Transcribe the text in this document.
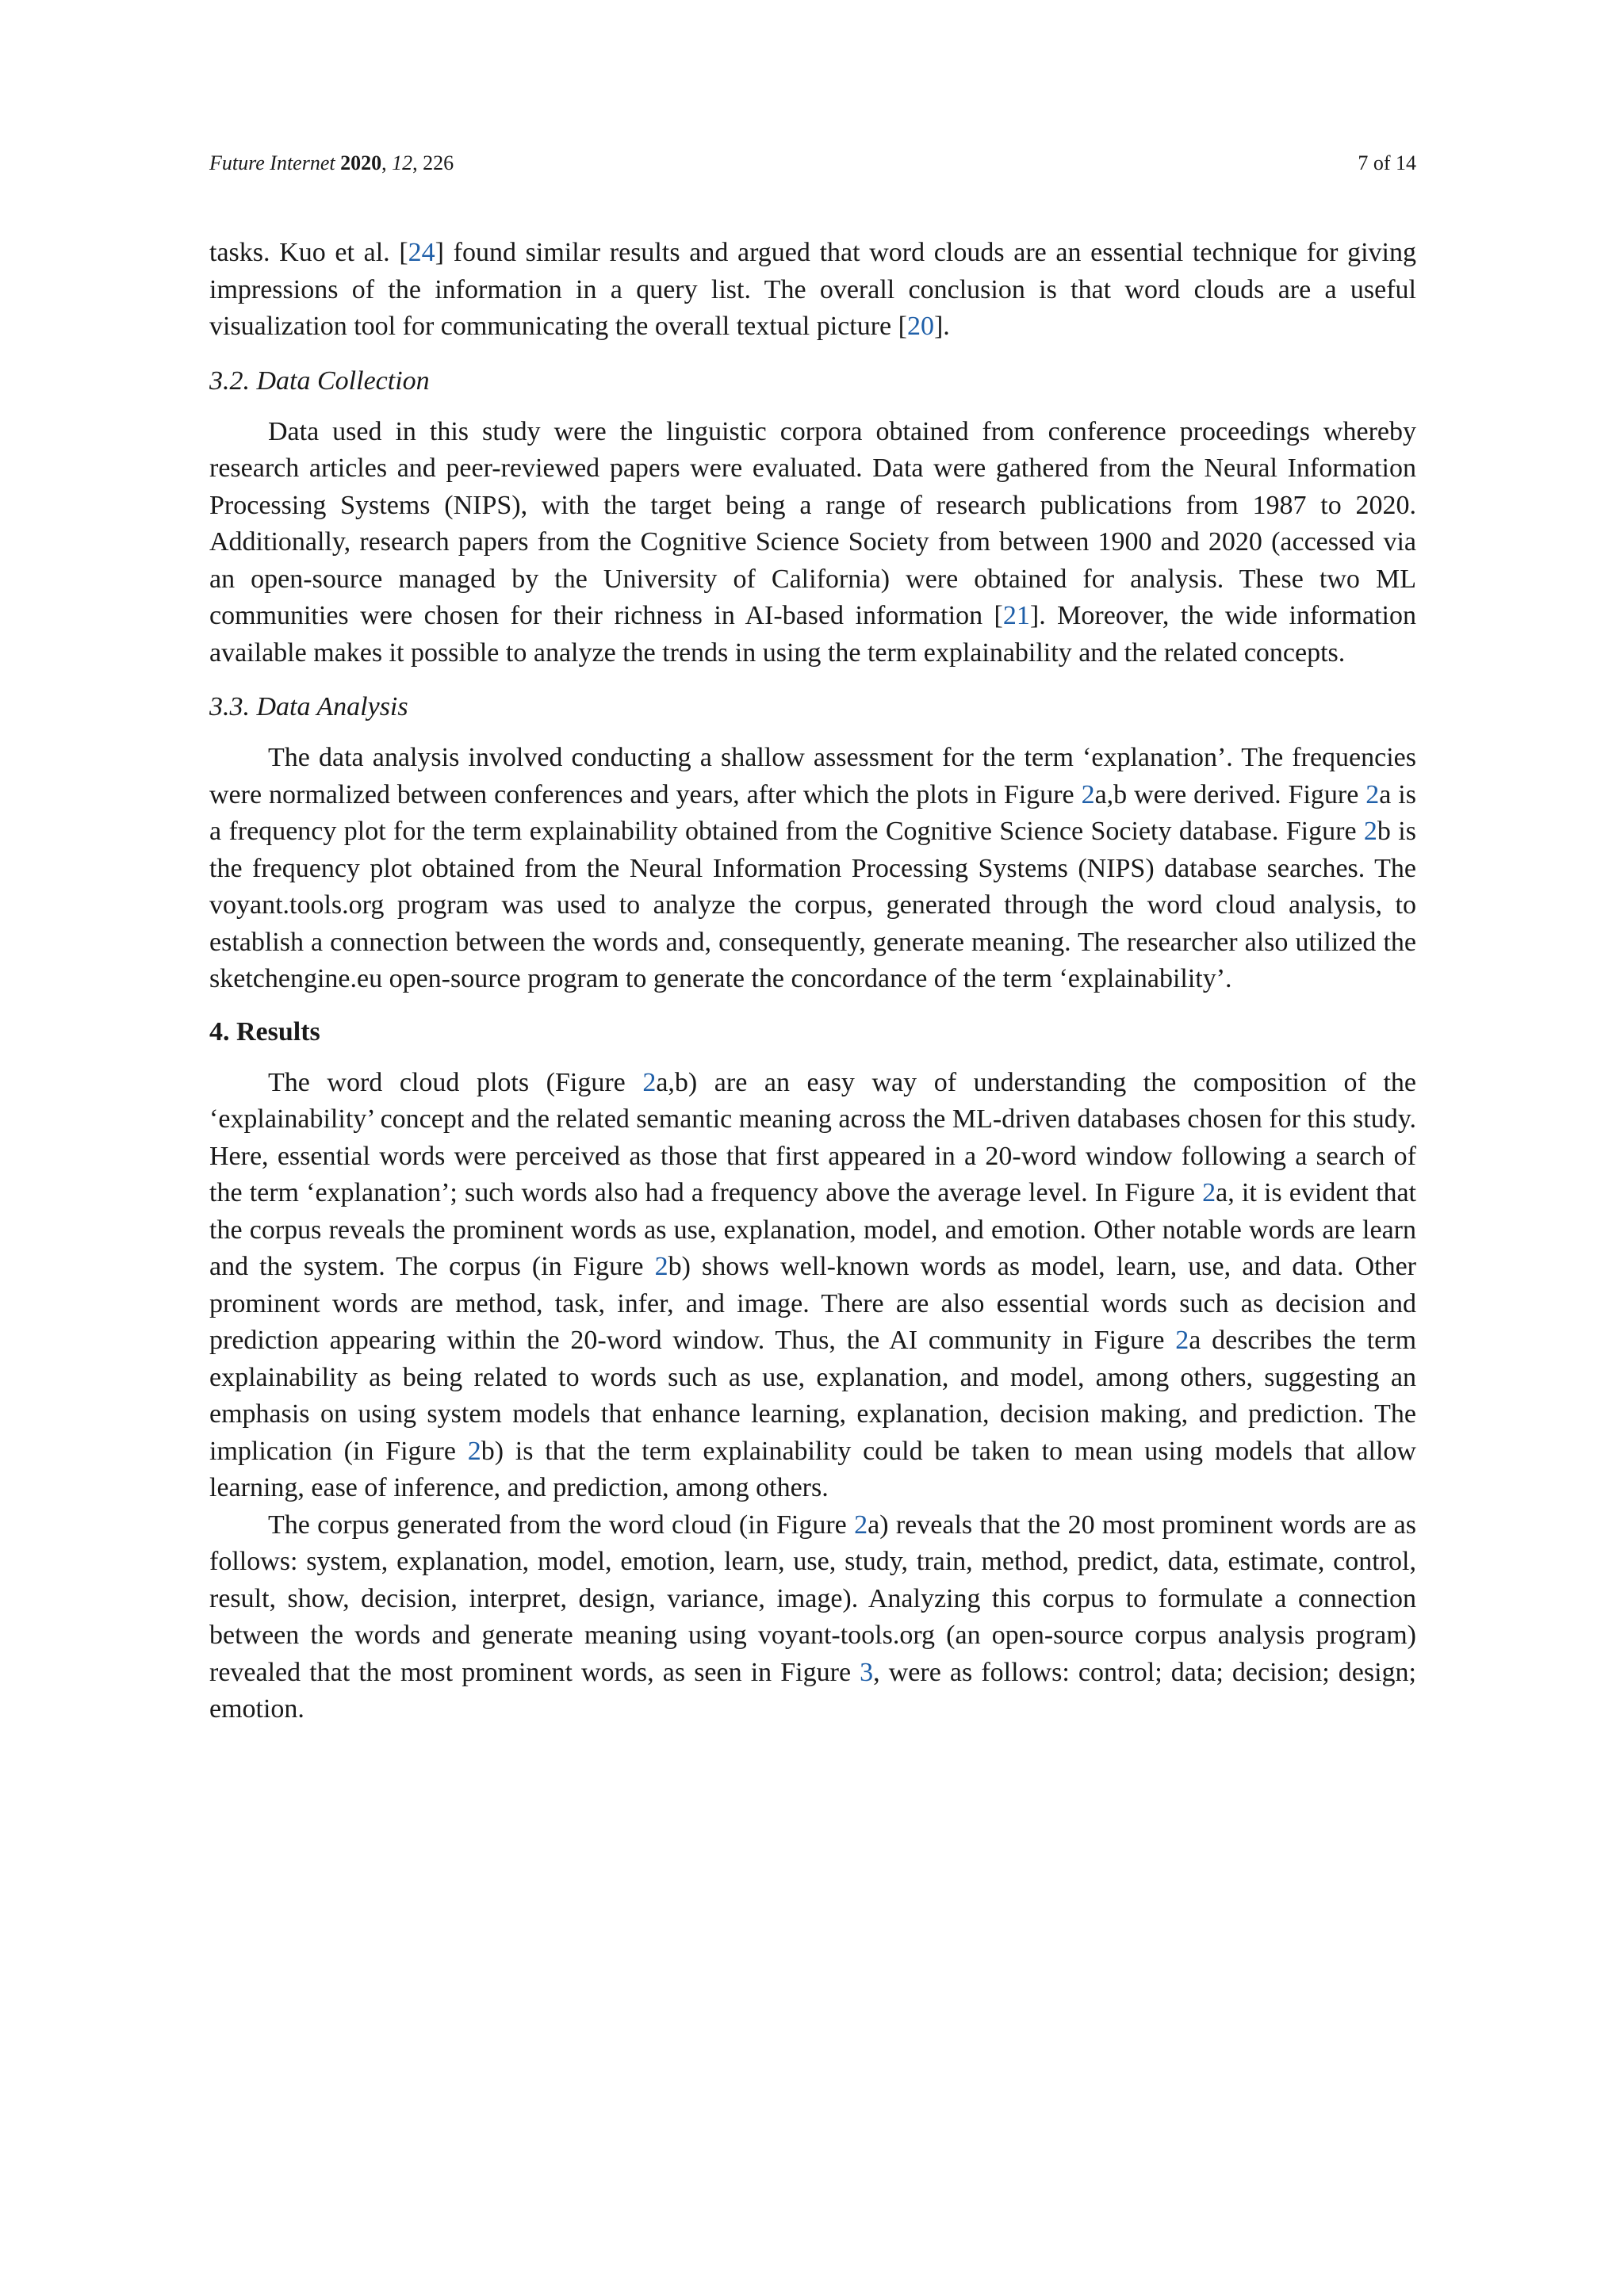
Future Internet 2020, 12, 226	7 of 14

tasks. Kuo et al. [24] found similar results and argued that word clouds are an essential technique for giving impressions of the information in a query list. The overall conclusion is that word clouds are a useful visualization tool for communicating the overall textual picture [20].

3.2. Data Collection

Data used in this study were the linguistic corpora obtained from conference proceedings whereby research articles and peer-reviewed papers were evaluated. Data were gathered from the Neural Information Processing Systems (NIPS), with the target being a range of research publications from 1987 to 2020. Additionally, research papers from the Cognitive Science Society from between 1900 and 2020 (accessed via an open-source managed by the University of California) were obtained for analysis. These two ML communities were chosen for their richness in AI-based information [21]. Moreover, the wide information available makes it possible to analyze the trends in using the term explainability and the related concepts.

3.3. Data Analysis

The data analysis involved conducting a shallow assessment for the term ‘explanation’. The frequencies were normalized between conferences and years, after which the plots in Figure 2a,b were derived. Figure 2a is a frequency plot for the term explainability obtained from the Cognitive Science Society database. Figure 2b is the frequency plot obtained from the Neural Information Processing Systems (NIPS) database searches. The voyant.tools.org program was used to analyze the corpus, generated through the word cloud analysis, to establish a connection between the words and, consequently, generate meaning. The researcher also utilized the sketchengine.eu open-source program to generate the concordance of the term ‘explainability’.

4. Results

The word cloud plots (Figure 2a,b) are an easy way of understanding the composition of the ‘explainability’ concept and the related semantic meaning across the ML-driven databases chosen for this study. Here, essential words were perceived as those that first appeared in a 20-word window following a search of the term ‘explanation’; such words also had a frequency above the average level. In Figure 2a, it is evident that the corpus reveals the prominent words as use, explanation, model, and emotion. Other notable words are learn and the system. The corpus (in Figure 2b) shows well-known words as model, learn, use, and data. Other prominent words are method, task, infer, and image. There are also essential words such as decision and prediction appearing within the 20-word window. Thus, the AI community in Figure 2a describes the term explainability as being related to words such as use, explanation, and model, among others, suggesting an emphasis on using system models that enhance learning, explanation, decision making, and prediction. The implication (in Figure 2b) is that the term explainability could be taken to mean using models that allow learning, ease of inference, and prediction, among others.

The corpus generated from the word cloud (in Figure 2a) reveals that the 20 most prominent words are as follows: system, explanation, model, emotion, learn, use, study, train, method, predict, data, estimate, control, result, show, decision, interpret, design, variance, image). Analyzing this corpus to formulate a connection between the words and generate meaning using voyant-tools.org (an open-source corpus analysis program) revealed that the most prominent words, as seen in Figure 3, were as follows: control; data; decision; design; emotion.
